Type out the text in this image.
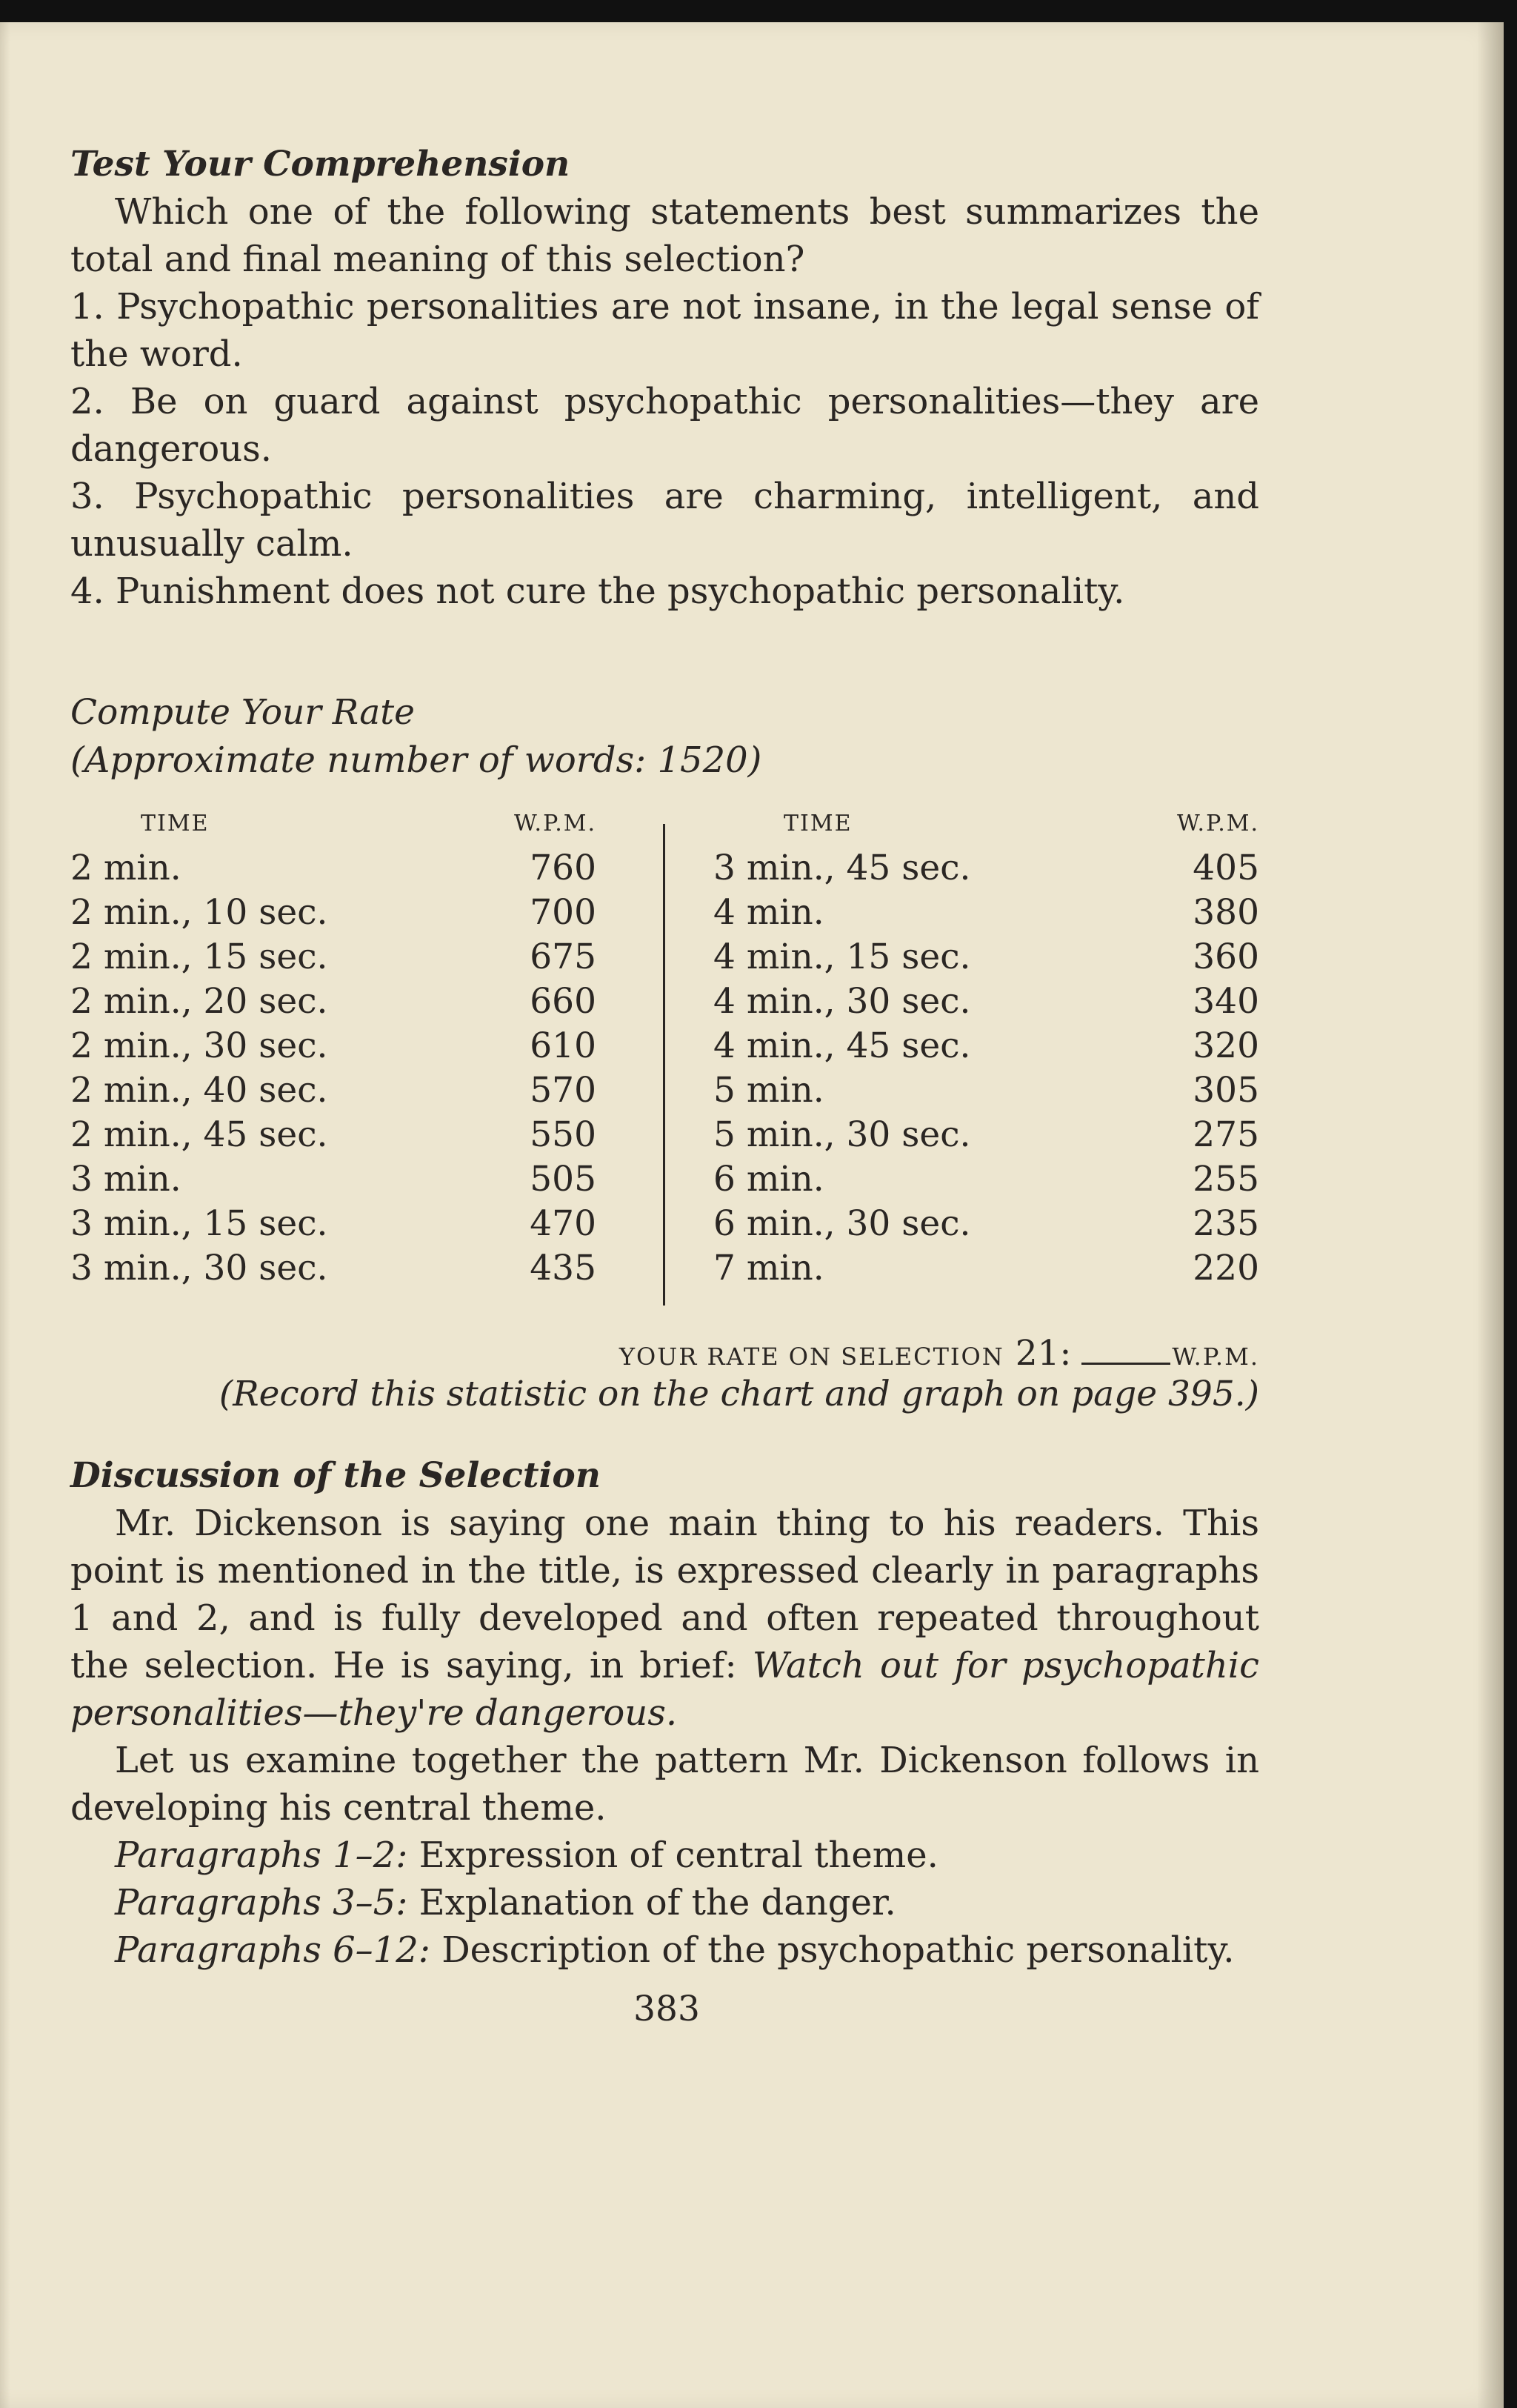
Test Your Comprehension

Which one of the following statements best summarizes the total and final meaning of this selection?

1. Psychopathic personalities are not insane, in the legal sense of the word.

2. Be on guard against psychopathic personalities—they are dangerous.

3. Psychopathic personalities are charming, intelligent, and unusually calm.

4. Punishment does not cure the psychopathic personality.

Compute Your Rate

(Approximate number of words: 1520)

TIME	W.P.M.
2 min.	760
2 min., 10 sec.	700
2 min., 15 sec.	675
2 min., 20 sec.	660
2 min., 30 sec.	610
2 min., 40 sec.	570
2 min., 45 sec.	550
3 min.	505
3 min., 15 sec.	470
3 min., 30 sec.	435
TIME	W.P.M.
3 min., 45 sec.	405
4 min.	380
4 min., 15 sec.	360
4 min., 30 sec.	340
4 min., 45 sec.	320
5 min.	305
5 min., 30 sec.	275
6 min.	255
6 min., 30 sec.	235
7 min.	220
YOUR RATE ON SELECTION 21:	W.P.M.
(Record this statistic on the chart and graph on page 395.)
Discussion of the Selection

Mr. Dickenson is saying one main thing to his readers. This point is mentioned in the title, is expressed clearly in paragraphs 1 and 2, and is fully developed and often repeated throughout the selection. He is saying, in brief: Watch out for psychopathic personalities—they're dangerous.

Let us examine together the pattern Mr. Dickenson follows in developing his central theme.

Paragraphs 1–2: Expression of central theme.

Paragraphs 3–5: Explanation of the danger.

Paragraphs 6–12: Description of the psychopathic personality.

383
